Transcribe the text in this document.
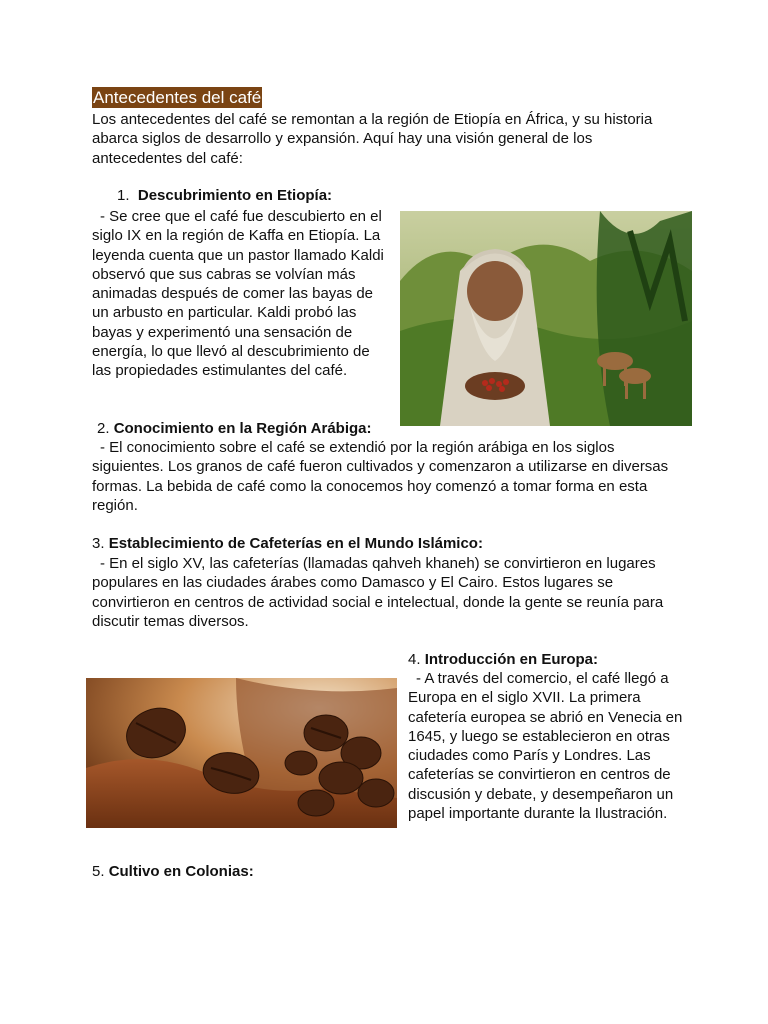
Antecedentes del café

Los antecedentes del café se remontan a la región de Etiopía en África, y su historia abarca siglos de desarrollo y expansión. Aquí hay una visión general de los antecedentes del café:

1. Descubrimiento en Etiopía:

- Se cree que el café fue descubierto en el siglo IX en la región de Kaffa en Etiopía. La leyenda cuenta que un pastor llamado Kaldi observó que sus cabras se volvían más animadas después de comer las bayas de un arbusto en particular. Kaldi probó las bayas y experimentó una sensación de energía, lo que llevó al descubrimiento de las propiedades estimulantes del café.

2. Conocimiento en la Región Arábiga:

- El conocimiento sobre el café se extendió por la región arábiga en los siglos siguientes. Los granos de café fueron cultivados y comenzaron a utilizarse en diversas formas. La bebida de café como la conocemos hoy comenzó a tomar forma en esta región.

3. Establecimiento de Cafeterías en el Mundo Islámico:

- En el siglo XV, las cafeterías (llamadas qahveh khaneh) se convirtieron en lugares populares en las ciudades árabes como Damasco y El Cairo. Estos lugares se convirtieron en centros de actividad social e intelectual, donde la gente se reunía para discutir temas diversos.

4. Introducción en Europa:

- A través del comercio, el café llegó a Europa en el siglo XVII. La primera cafetería europea se abrió en Venecia en 1645, y luego se establecieron en otras ciudades como París y Londres. Las cafeterías se convirtieron en centros de discusión y debate, y desempeñaron un papel importante durante la Ilustración.

5. Cultivo en Colonias:
